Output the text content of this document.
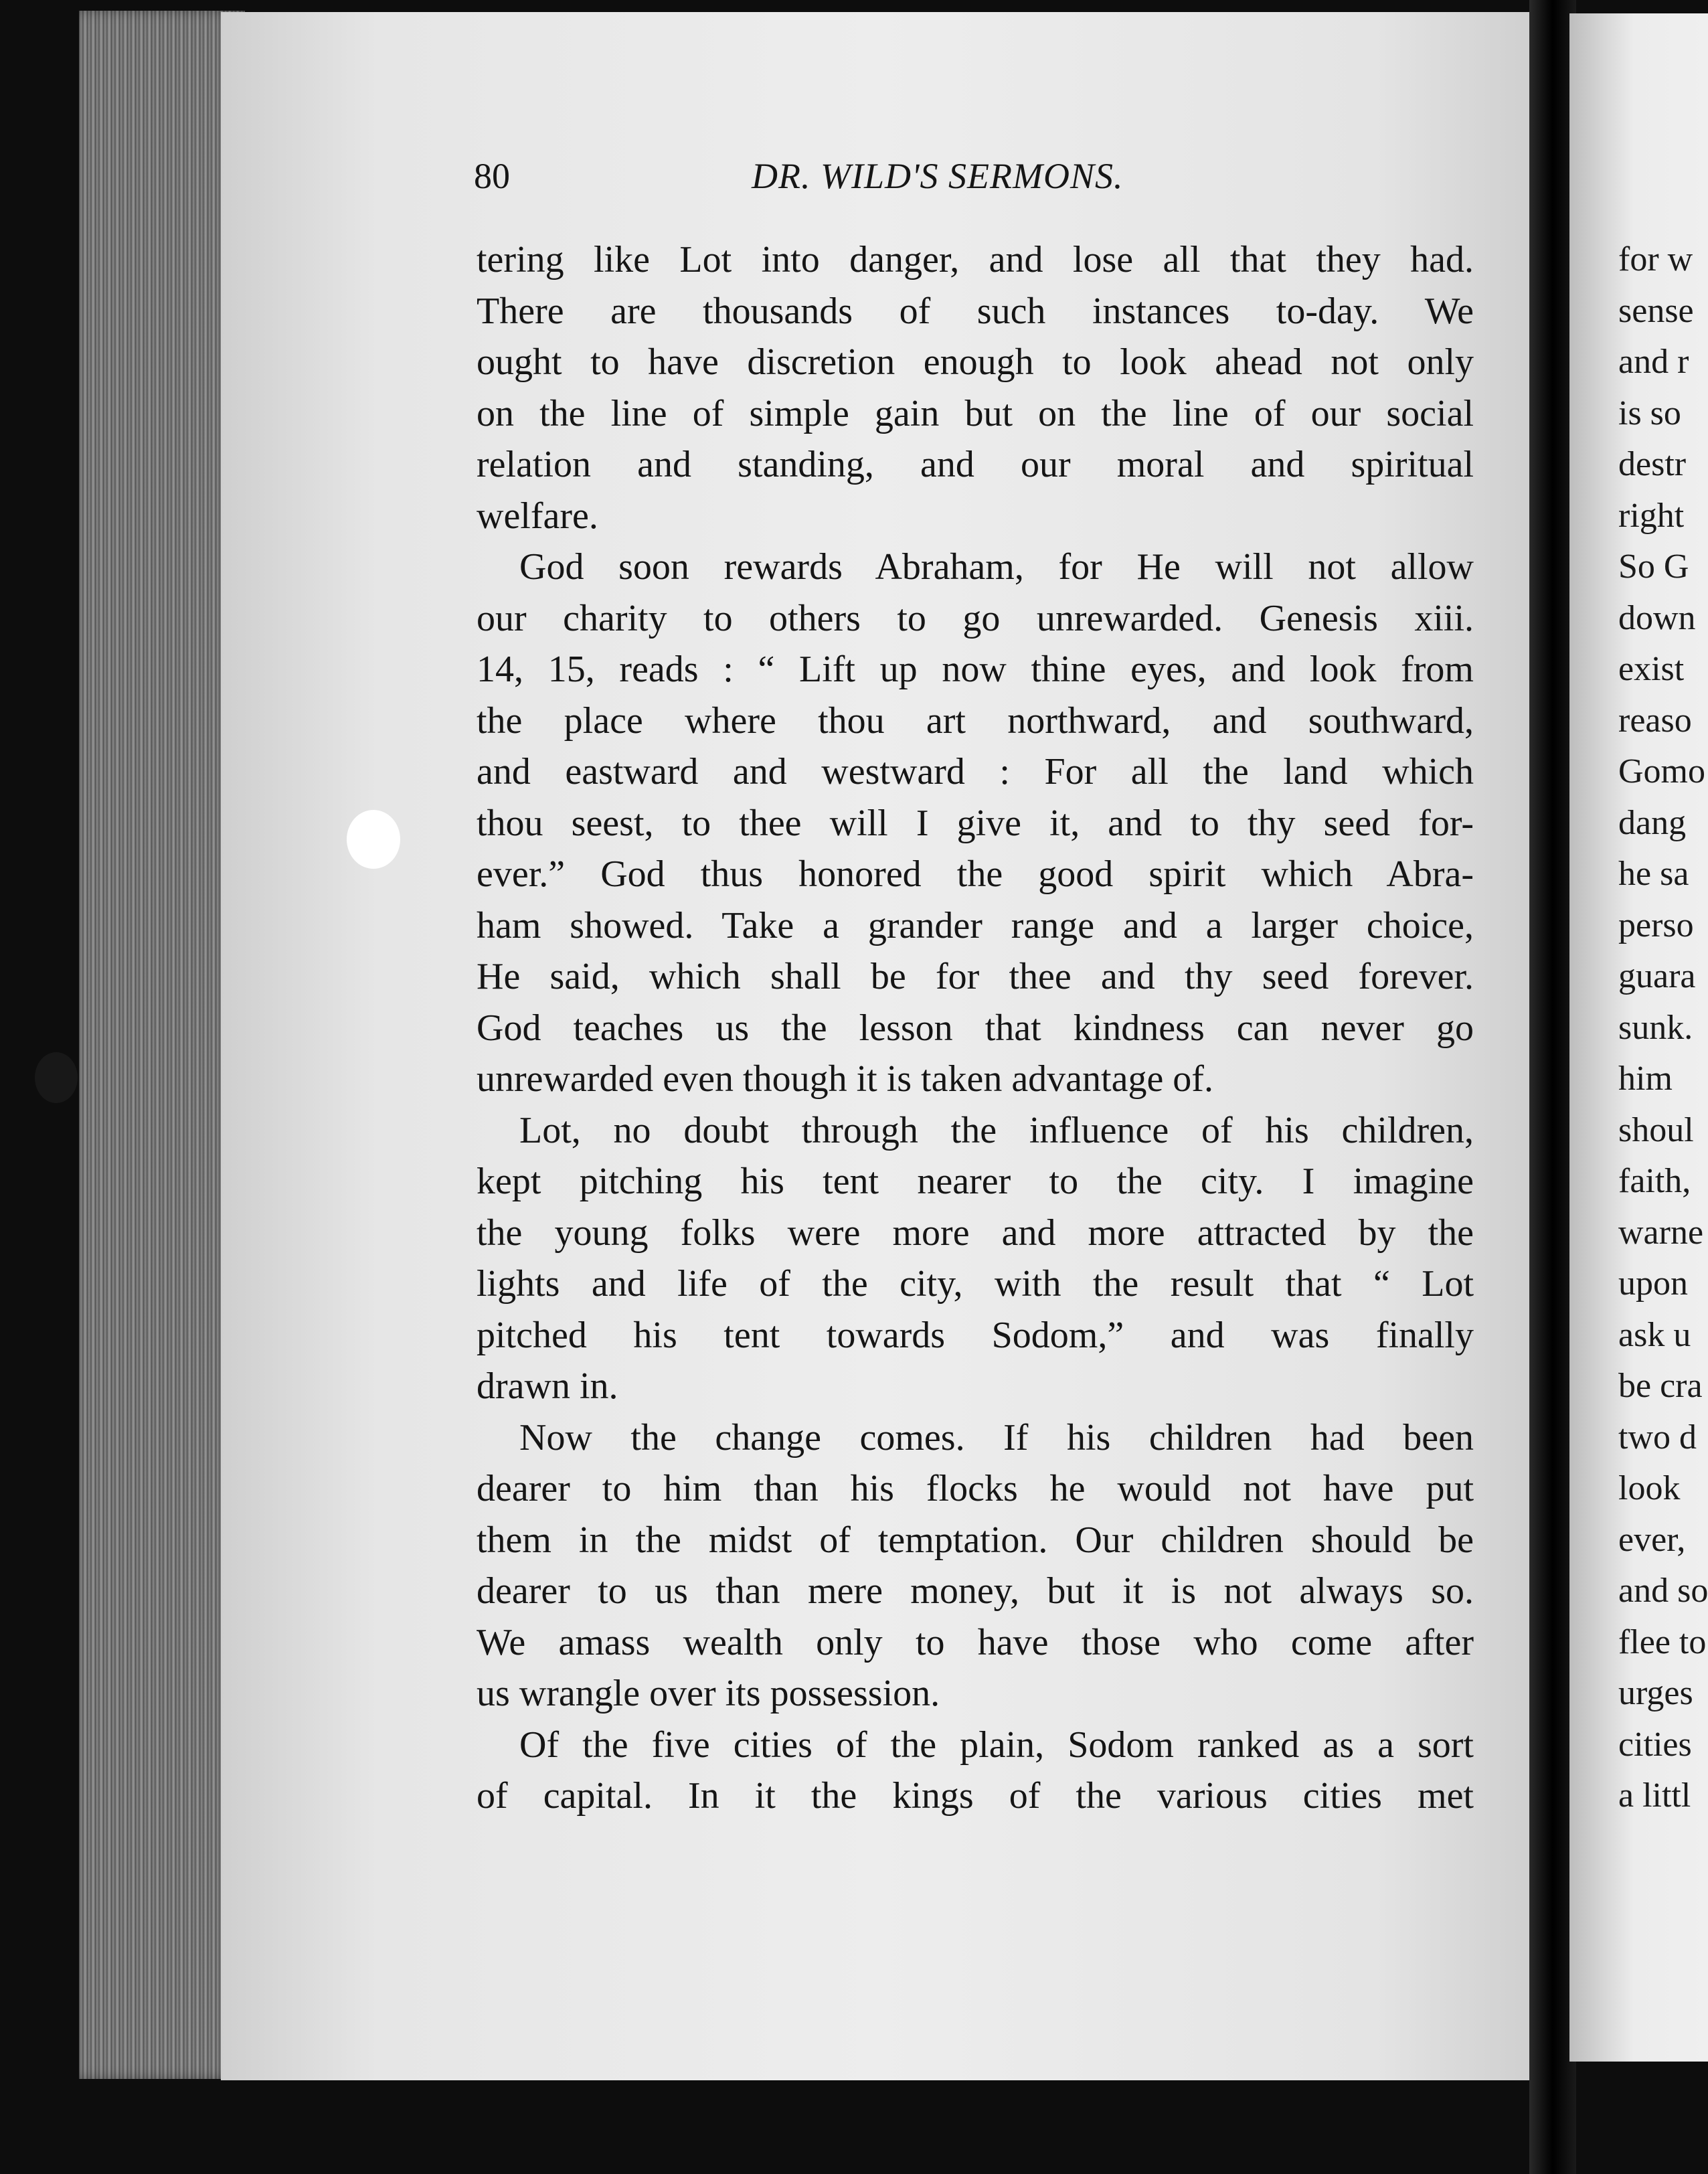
80	DR. WILD'S SERMONS.
tering like Lot into danger, and lose all that they had.
There are thousands of such instances to-day. We
ought to have discretion enough to look ahead not only
on the line of simple gain but on the line of our social
relation and standing, and our moral and spiritual
welfare.
God soon rewards Abraham, for He will not allow
our charity to others to go unrewarded. Genesis xiii.
14, 15, reads : “ Lift up now thine eyes, and look from
the place where thou art northward, and southward,
and eastward and westward : For all the land which
thou seest, to thee will I give it, and to thy seed for-
ever.” God thus honored the good spirit which Abra-
ham showed. Take a grander range and a larger choice,
He said, which shall be for thee and thy seed forever.
God teaches us the lesson that kindness can never go
unrewarded even though it is taken advantage of.
Lot, no doubt through the influence of his children,
kept pitching his tent nearer to the city. I imagine
the young folks were more and more attracted by the
lights and life of the city, with the result that “ Lot
pitched his tent towards Sodom,” and was finally
drawn in.
Now the change comes. If his children had been
dearer to him than his flocks he would not have put
them in the midst of temptation. Our children should be
dearer to us than mere money, but it is not always so.
We amass wealth only to have those who come after
us wrangle over its possession.
Of the five cities of the plain, Sodom ranked as a sort
of capital. In it the kings of the various cities met
for w
sense
and r
is so
destr
right
So G
down
exist
reaso
Gomo
dang
he sa
perso
guara
sunk.
him
shoul
faith,
warne
upon
ask u
be cra
two d
look
ever,
and so
flee to
urges
cities
a littl
